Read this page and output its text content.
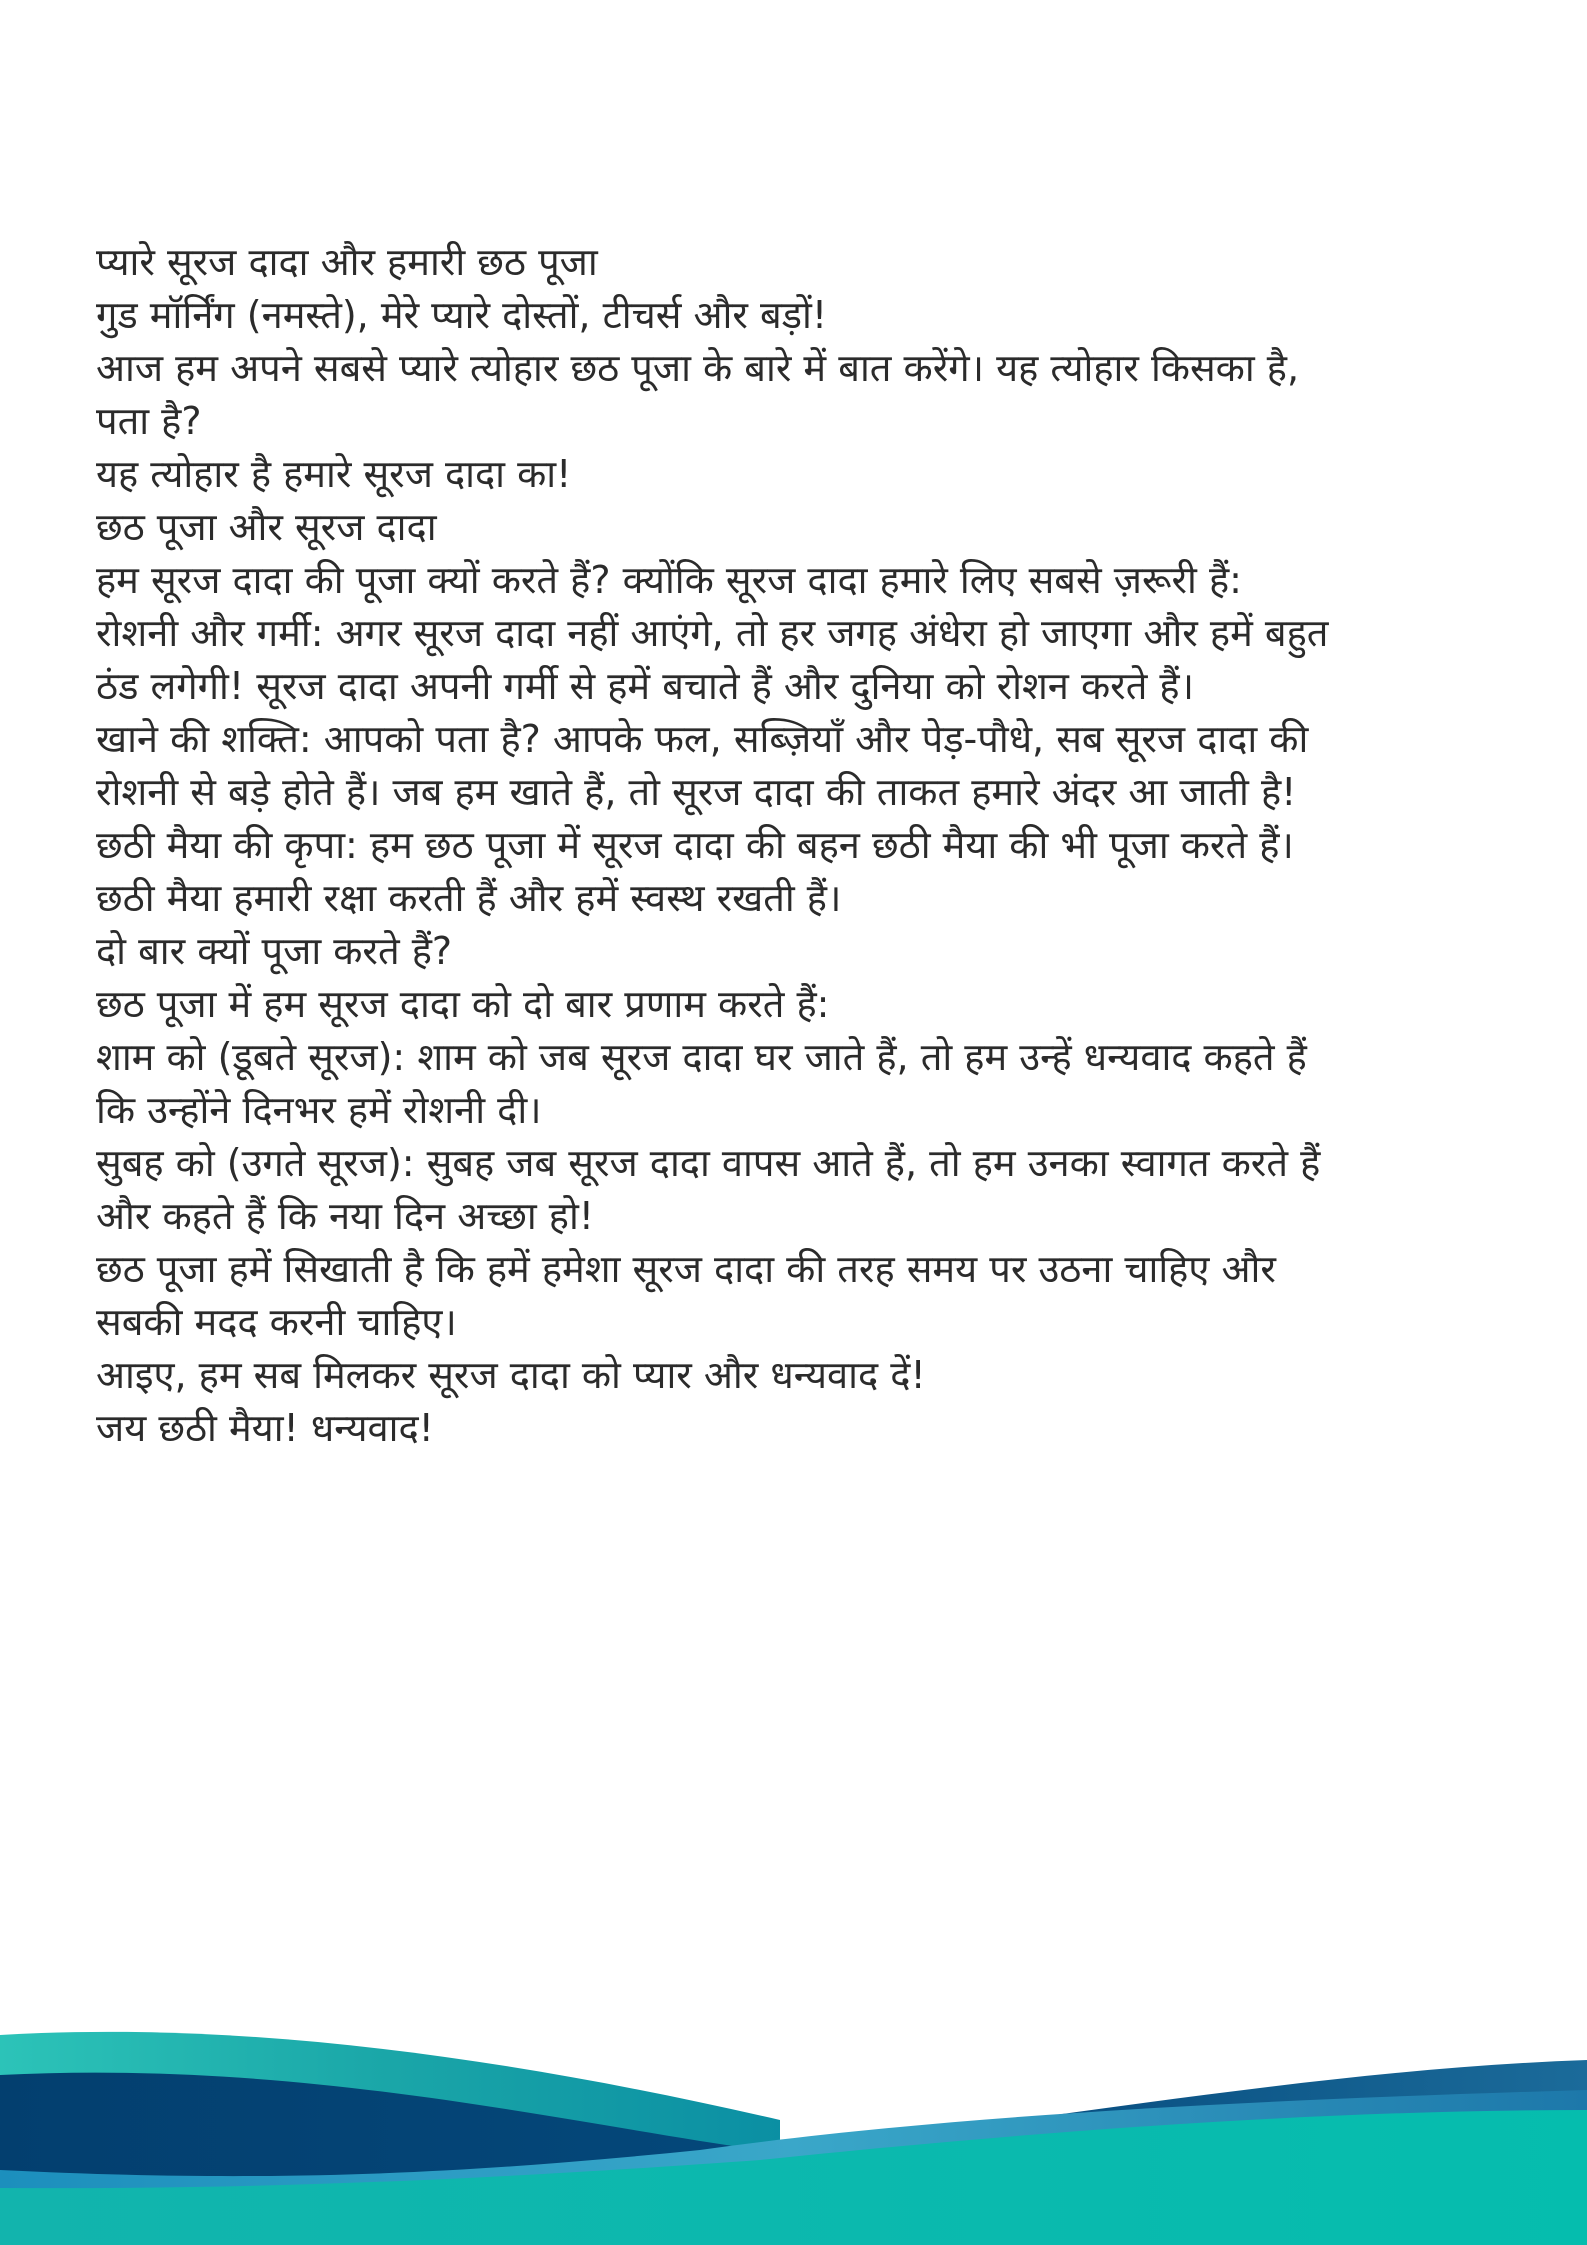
प्यारे सूरज दादा और हमारी छठ पूजा

गुड मॉर्निंग (नमस्ते), मेरे प्यारे दोस्तों, टीचर्स और बड़ों!

आज हम अपने सबसे प्यारे त्योहार छठ पूजा के बारे में बात करेंगे। यह त्योहार किसका है,

पता है?

यह त्योहार है हमारे सूरज दादा का!

छठ पूजा और सूरज दादा

हम सूरज दादा की पूजा क्यों करते हैं? क्योंकि सूरज दादा हमारे लिए सबसे ज़रूरी हैं:

रोशनी और गर्मी: अगर सूरज दादा नहीं आएंगे, तो हर जगह अंधेरा हो जाएगा और हमें बहुत

ठंड लगेगी! सूरज दादा अपनी गर्मी से हमें बचाते हैं और दुनिया को रोशन करते हैं।

खाने की शक्ति: आपको पता है? आपके फल, सब्ज़ियाँ और पेड़-पौधे, सब सूरज दादा की

रोशनी से बड़े होते हैं। जब हम खाते हैं, तो सूरज दादा की ताकत हमारे अंदर आ जाती है!

छठी मैया की कृपा: हम छठ पूजा में सूरज दादा की बहन छठी मैया की भी पूजा करते हैं।

छठी मैया हमारी रक्षा करती हैं और हमें स्वस्थ रखती हैं।

दो बार क्यों पूजा करते हैं?

छठ पूजा में हम सूरज दादा को दो बार प्रणाम करते हैं:

शाम को (डूबते सूरज): शाम को जब सूरज दादा घर जाते हैं, तो हम उन्हें धन्यवाद कहते हैं

कि उन्होंने दिनभर हमें रोशनी दी।

सुबह को (उगते सूरज): सुबह जब सूरज दादा वापस आते हैं, तो हम उनका स्वागत करते हैं

और कहते हैं कि नया दिन अच्छा हो!

छठ पूजा हमें सिखाती है कि हमें हमेशा सूरज दादा की तरह समय पर उठना चाहिए और

सबकी मदद करनी चाहिए।

आइए, हम सब मिलकर सूरज दादा को प्यार और धन्यवाद दें!

जय छठी मैया! धन्यवाद!
